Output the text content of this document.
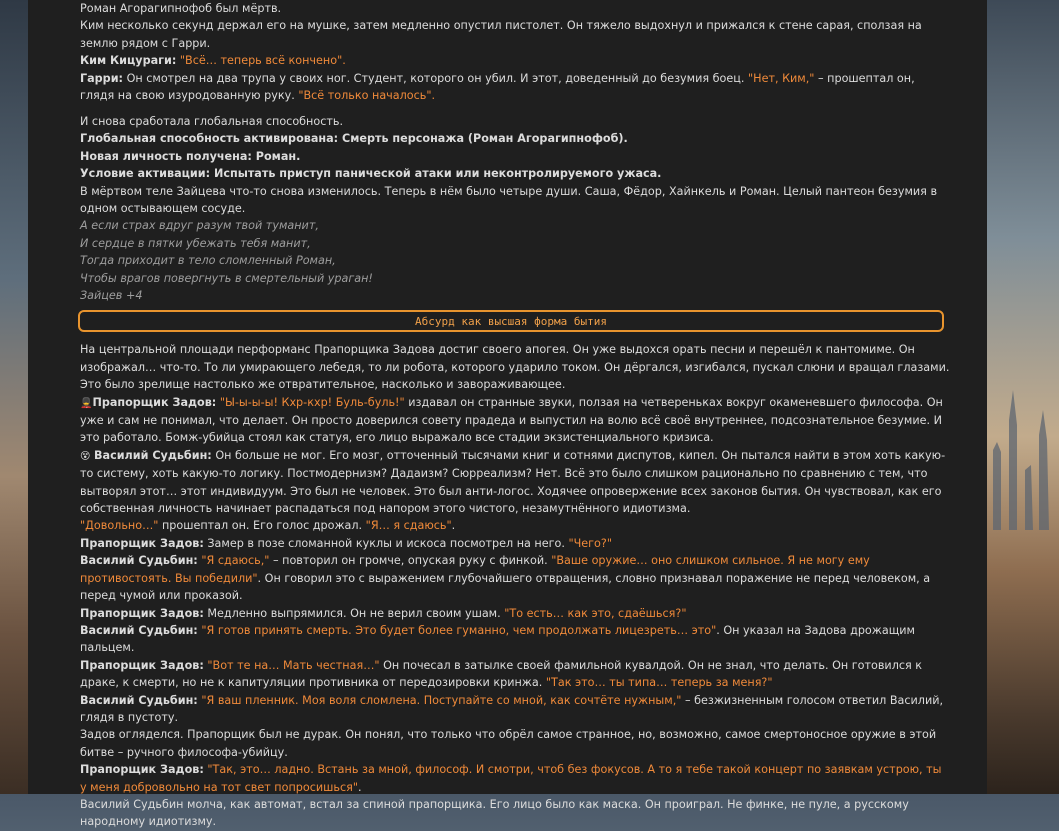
Роман Агорагипнофоб был мёртв.

Ким несколько секунд держал его на мушке, затем медленно опустил пистолет. Он тяжело выдохнул и прижался к стене сарая, сползая на землю рядом с Гарри.

Ким Кицураги: "Всё… теперь всё кончено".

Гарри: Он смотрел на два трупа у своих ног. Студент, которого он убил. И этот, доведенный до безумия боец. "Нет, Ким," – прошептал он, глядя на свою изуродованную руку. "Всё только началось".

И снова сработала глобальная способность.

Глобальная способность активирована: Смерть персонажа (Роман Агорагипнофоб).

Новая личность получена: Роман.

Условие активации: Испытать приступ панической атаки или неконтролируемого ужаса.

В мёртвом теле Зайцева что-то снова изменилось. Теперь в нём было четыре души. Саша, Фёдор, Хайнкель и Роман. Целый пантеон безумия в одном остывающем сосуде.

А если страх вдруг разум твой туманит,

И сердце в пятки убежать тебя манит,

Тогда приходит в тело сломленный Роман,

Чтобы врагов повергнуть в смертельный ураган!

Зайцев +4

Абсурд как высшая форма бытия

На центральной площади перформанс Прапорщика Задова достиг своего апогея. Он уже выдохся орать песни и перешёл к пантомиме. Он изображал… что-то. То ли умирающего лебедя, то ли робота, которого ударило током. Он дёргался, изгибался, пускал слюни и вращал глазами. Это было зрелище настолько же отвратительное, насколько и завораживающее.

💂Прапорщик Задов: "Ы-ы-ы-ы! Кхр-кхр! Буль-буль!" издавал он странные звуки, ползая на четвереньках вокруг окаменевшего философа. Он уже и сам не понимал, что делает. Он просто доверился совету прадеда и выпустил на волю всё своё внутреннее, подсознательное безумие. И это работало. Бомж-убийца стоял как статуя, его лицо выражало все стадии экзистенциального кризиса.

😵 Василий Судьбин: Он больше не мог. Его мозг, отточенный тысячами книг и сотнями диспутов, кипел. Он пытался найти в этом хоть какую-то систему, хоть какую-то логику. Постмодернизм? Дадаизм? Сюрреализм? Нет. Всё это было слишком рационально по сравнению с тем, что вытворял этот… этот индивидуум. Это был не человек. Это был анти-логос. Ходячее опровержение всех законов бытия. Он чувствовал, как его собственная личность начинает распадаться под напором этого чистого, незамутнённого идиотизма.

"Довольно…" прошептал он. Его голос дрожал. "Я… я сдаюсь".

Прапорщик Задов: Замер в позе сломанной куклы и искоса посмотрел на него. "Чего?"

Василий Судьбин: "Я сдаюсь," – повторил он громче, опуская руку с финкой. "Ваше оружие… оно слишком сильное. Я не могу ему противостоять. Вы победили". Он говорил это с выражением глубочайшего отвращения, словно признавал поражение не перед человеком, а перед чумой или проказой.

Прапорщик Задов: Медленно выпрямился. Он не верил своим ушам. "То есть… как это, сдаёшься?"

Василий Судьбин: "Я готов принять смерть. Это будет более гуманно, чем продолжать лицезреть… это". Он указал на Задова дрожащим пальцем.

Прапорщик Задов: "Вот те на… Мать честная…" Он почесал в затылке своей фамильной кувалдой. Он не знал, что делать. Он готовился к драке, к смерти, но не к капитуляции противника от передозировки кринжа. "Так это… ты типа… теперь за меня?"

Василий Судьбин: "Я ваш пленник. Моя воля сломлена. Поступайте со мной, как сочтёте нужным," – безжизненным голосом ответил Василий, глядя в пустоту.

Задов огляделся. Прапорщик был не дурак. Он понял, что только что обрёл самое странное, но, возможно, самое смертоносное оружие в этой битве – ручного философа-убийцу.

Прапорщик Задов: "Так, это… ладно. Встань за мной, философ. И смотри, чтоб без фокусов. А то я тебе такой концерт по заявкам устрою, ты у меня добровольно на тот свет попросишься".

Василий Судьбин молча, как автомат, встал за спиной прапорщика. Его лицо было как маска. Он проиграл. Не финке, не пуле, а русскому народному идиотизму.
